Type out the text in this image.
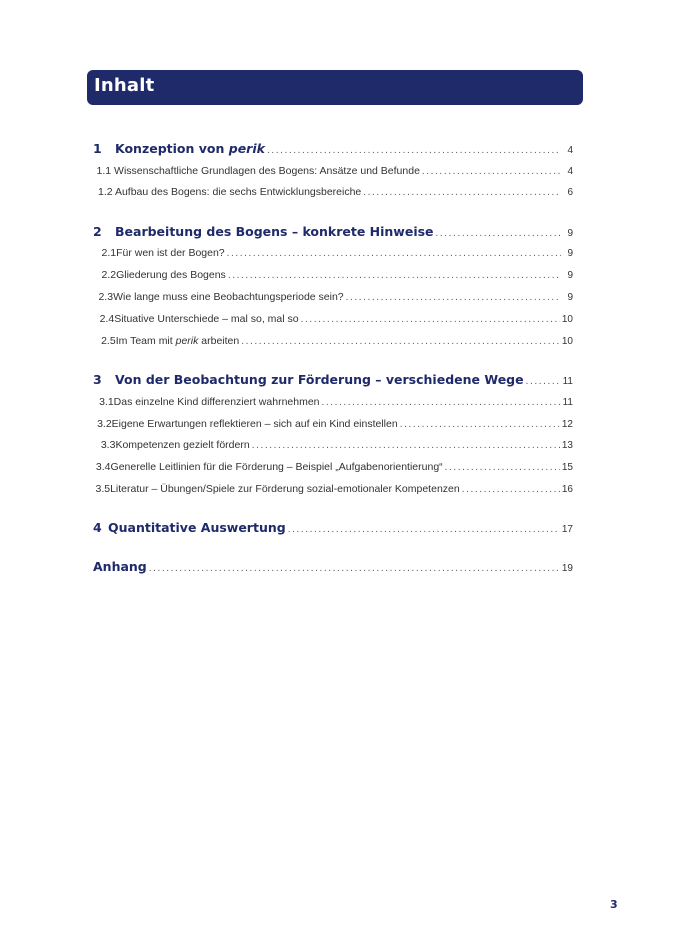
Inhalt
1	Konzeption von perik .....	4
1.1 Wissenschaftliche Grundlagen des Bogens: Ansätze und Befunde .....	4
1.2 Aufbau des Bogens: die sechs Entwicklungsbereiche .....	6
2	Bearbeitung des Bogens – konkrete Hinweise .....	9
2.1 Für wen ist der Bogen? .....	9
2.2 Gliederung des Bogens .....	9
2.3 Wie lange muss eine Beobachtungsperiode sein? .....	9
2.4 Situative Unterschiede – mal so, mal so .....	10
2.5 Im Team mit perik arbeiten .....	10
3	Von der Beobachtung zur Förderung – verschiedene Wege .....	11
3.1 Das einzelne Kind differenziert wahrnehmen .....	11
3.2 Eigene Erwartungen reflektieren – sich auf ein Kind einstellen .....	12
3.3 Kompetenzen gezielt fördern .....	13
3.4 Generelle Leitlinien für die Förderung – Beispiel „Aufgabenorientierung“ .....	15
3.5 Literatur – Übungen/Spiele zur Förderung sozial-emotionaler Kompetenzen .....	16
4 Quantitative Auswertung .....	17
Anhang .....	19
3
